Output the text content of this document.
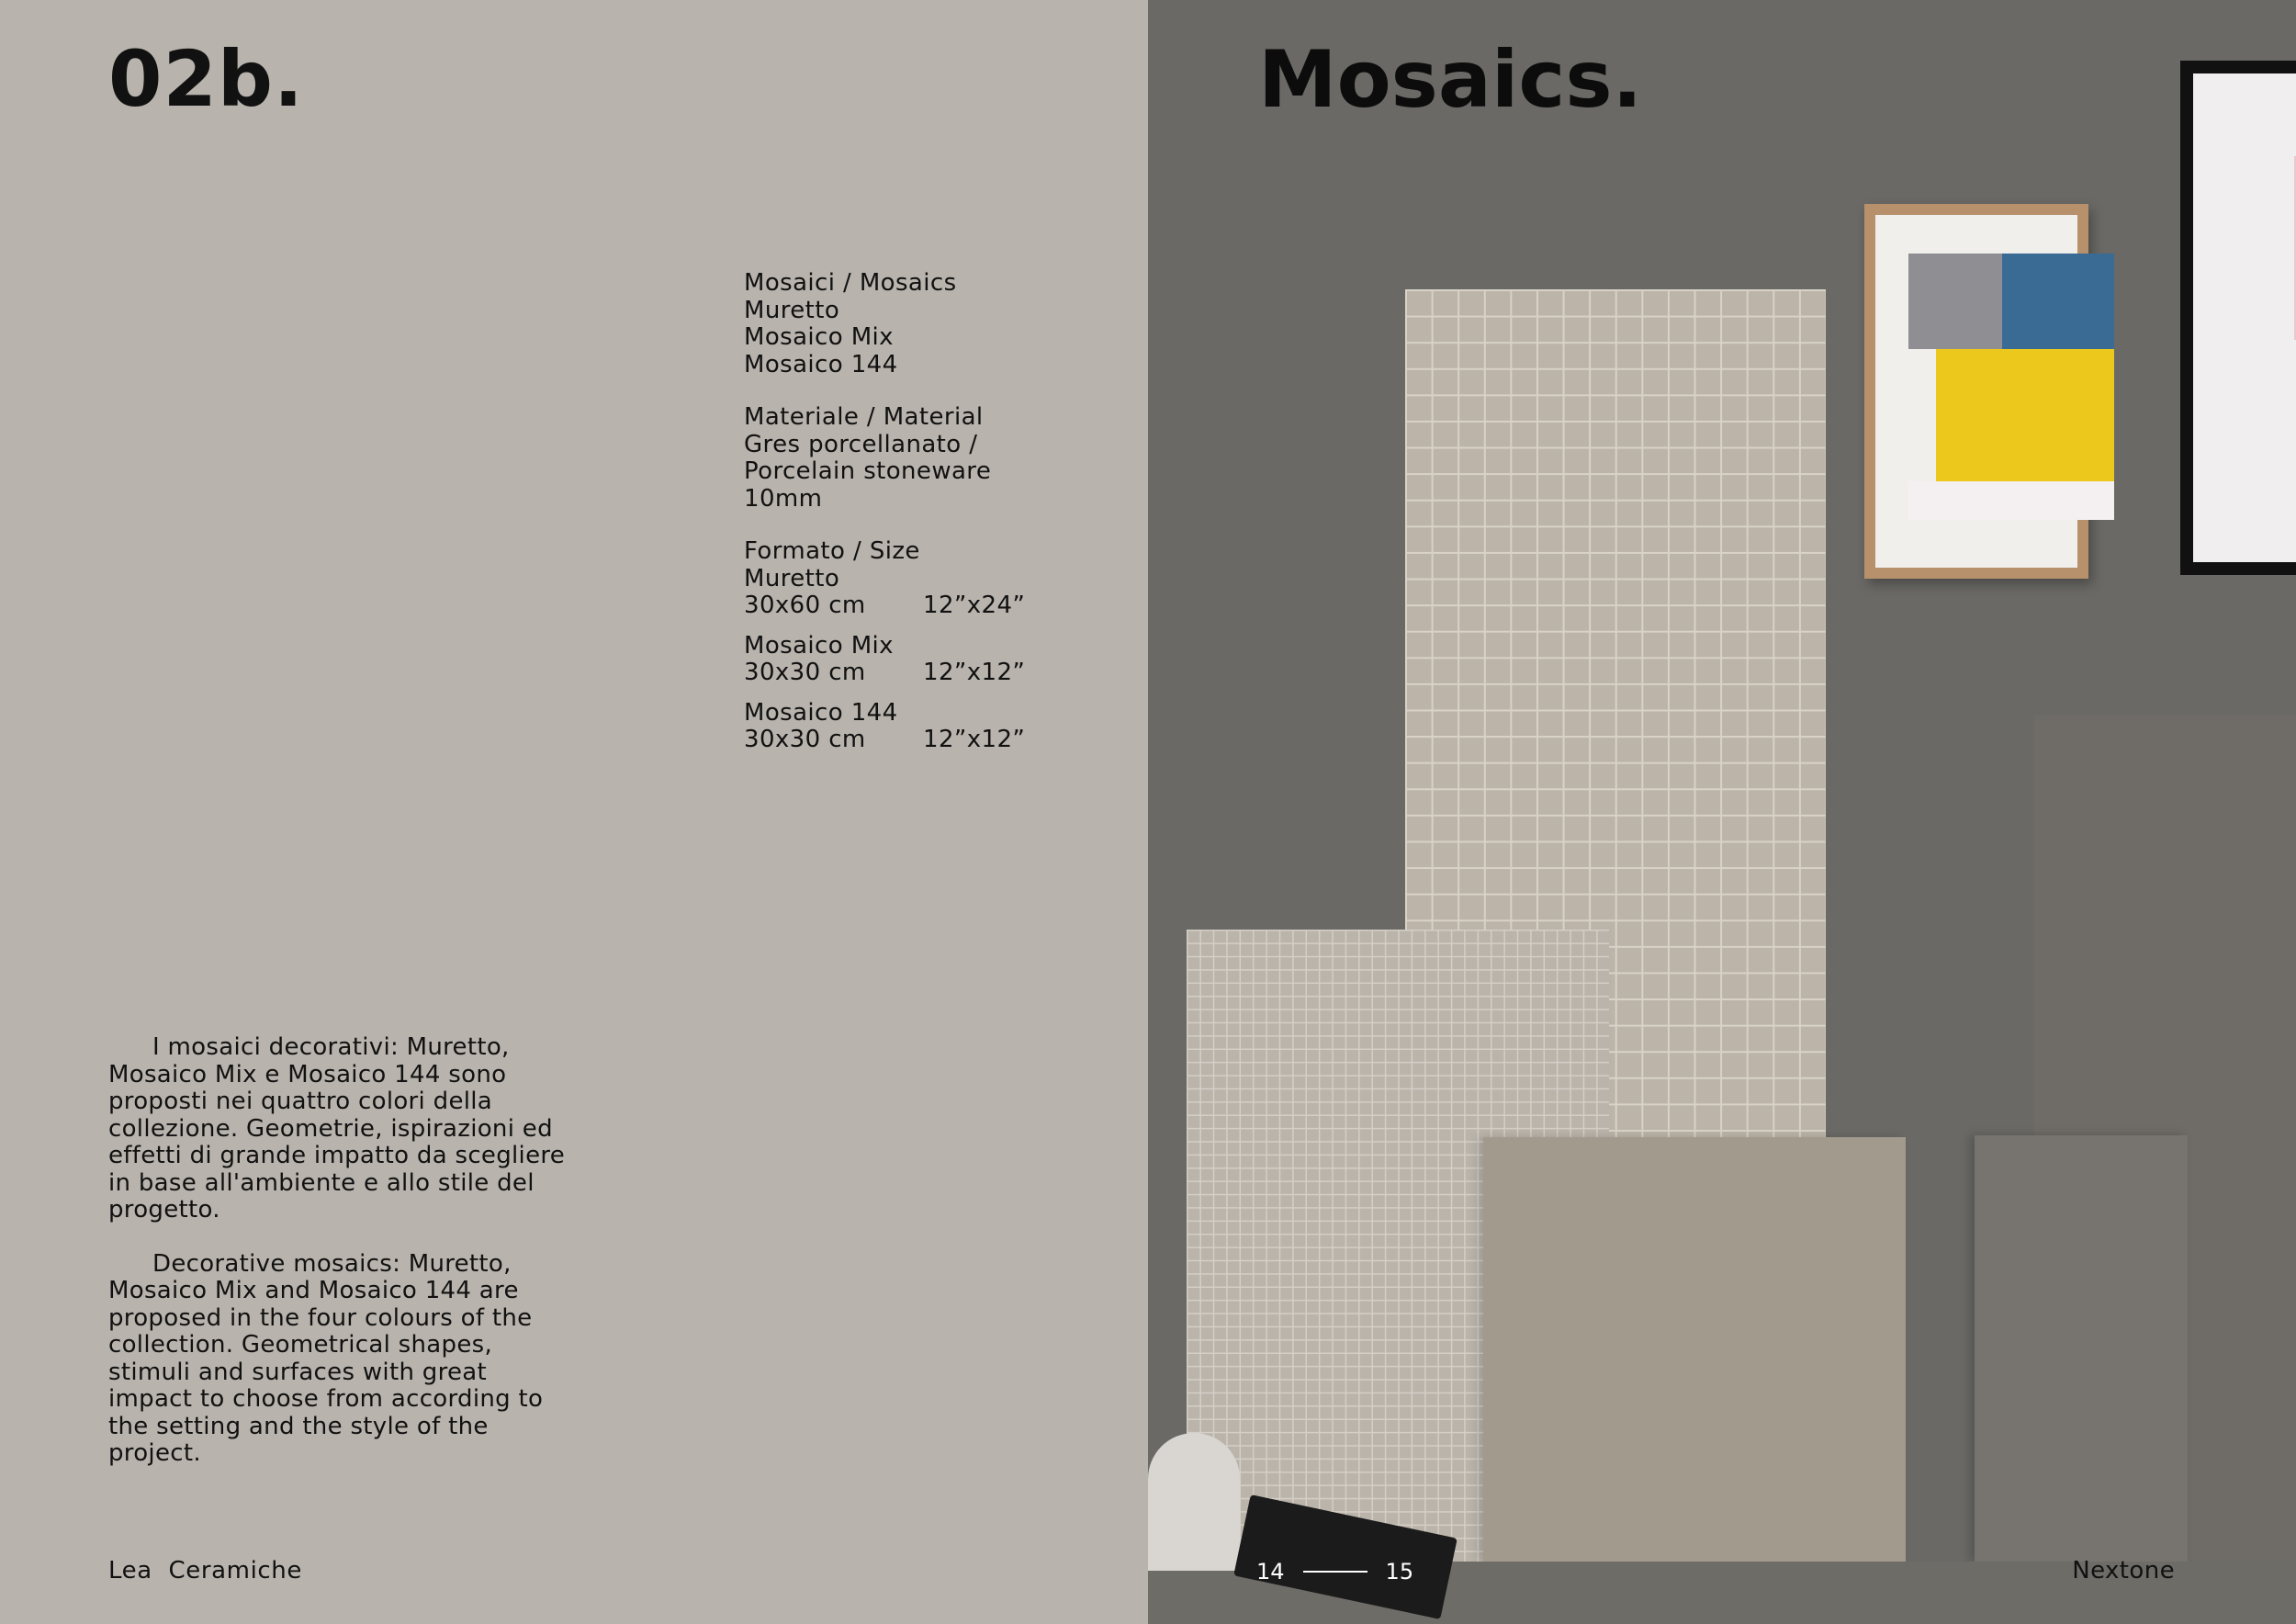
02b.
Mosaici / Mosaics
Muretto
Mosaico Mix
Mosaico 144
Materiale / Material
Gres porcellanato /
Porcelain stoneware
10mm
Formato / Size
Muretto
30x60 cm	12”x24”
Mosaico Mix
30x30 cm	12”x12”
Mosaico 144
30x30 cm	12”x12”

I mosaici decorativi: Muretto, Mosaico Mix e Mosaico 144 sono proposti nei quattro colori della collezione. Geometrie, ispirazioni ed effetti di grande impatto da scegliere in base all'ambiente e allo stile del progetto.

Decorative mosaics: Muretto, Mosaico Mix and Mosaico 144 are proposed in the four colours of the collection. Geometrical shapes, stimuli and surfaces with great impact to choose from according to the setting and the style of the project.

Lea  Ceramiche
Mosaics.
14	15	Nextone
